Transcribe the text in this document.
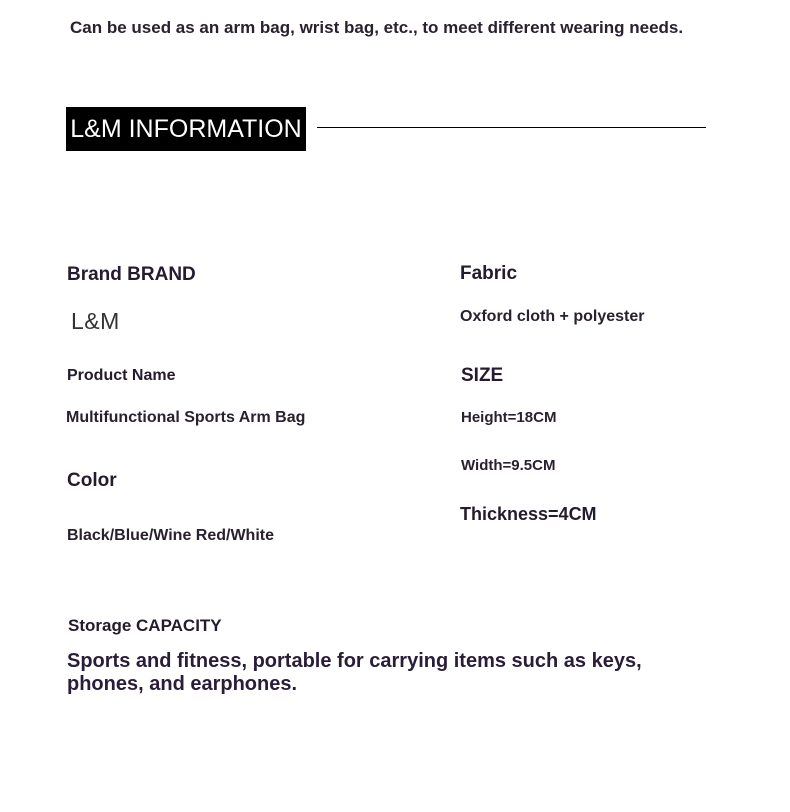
Can be used as an arm bag, wrist bag, etc., to meet different wearing needs.
L&M INFORMATION
Brand BRAND
L&M
Product Name
Multifunctional Sports Arm Bag
Color
Black/Blue/Wine Red/White
Fabric
Oxford cloth + polyester
SIZE
Height=18CM
Width=9.5CM
Thickness=4CM
Storage CAPACITY
Sports and fitness, portable for carrying items such as keys, phones, and earphones.
